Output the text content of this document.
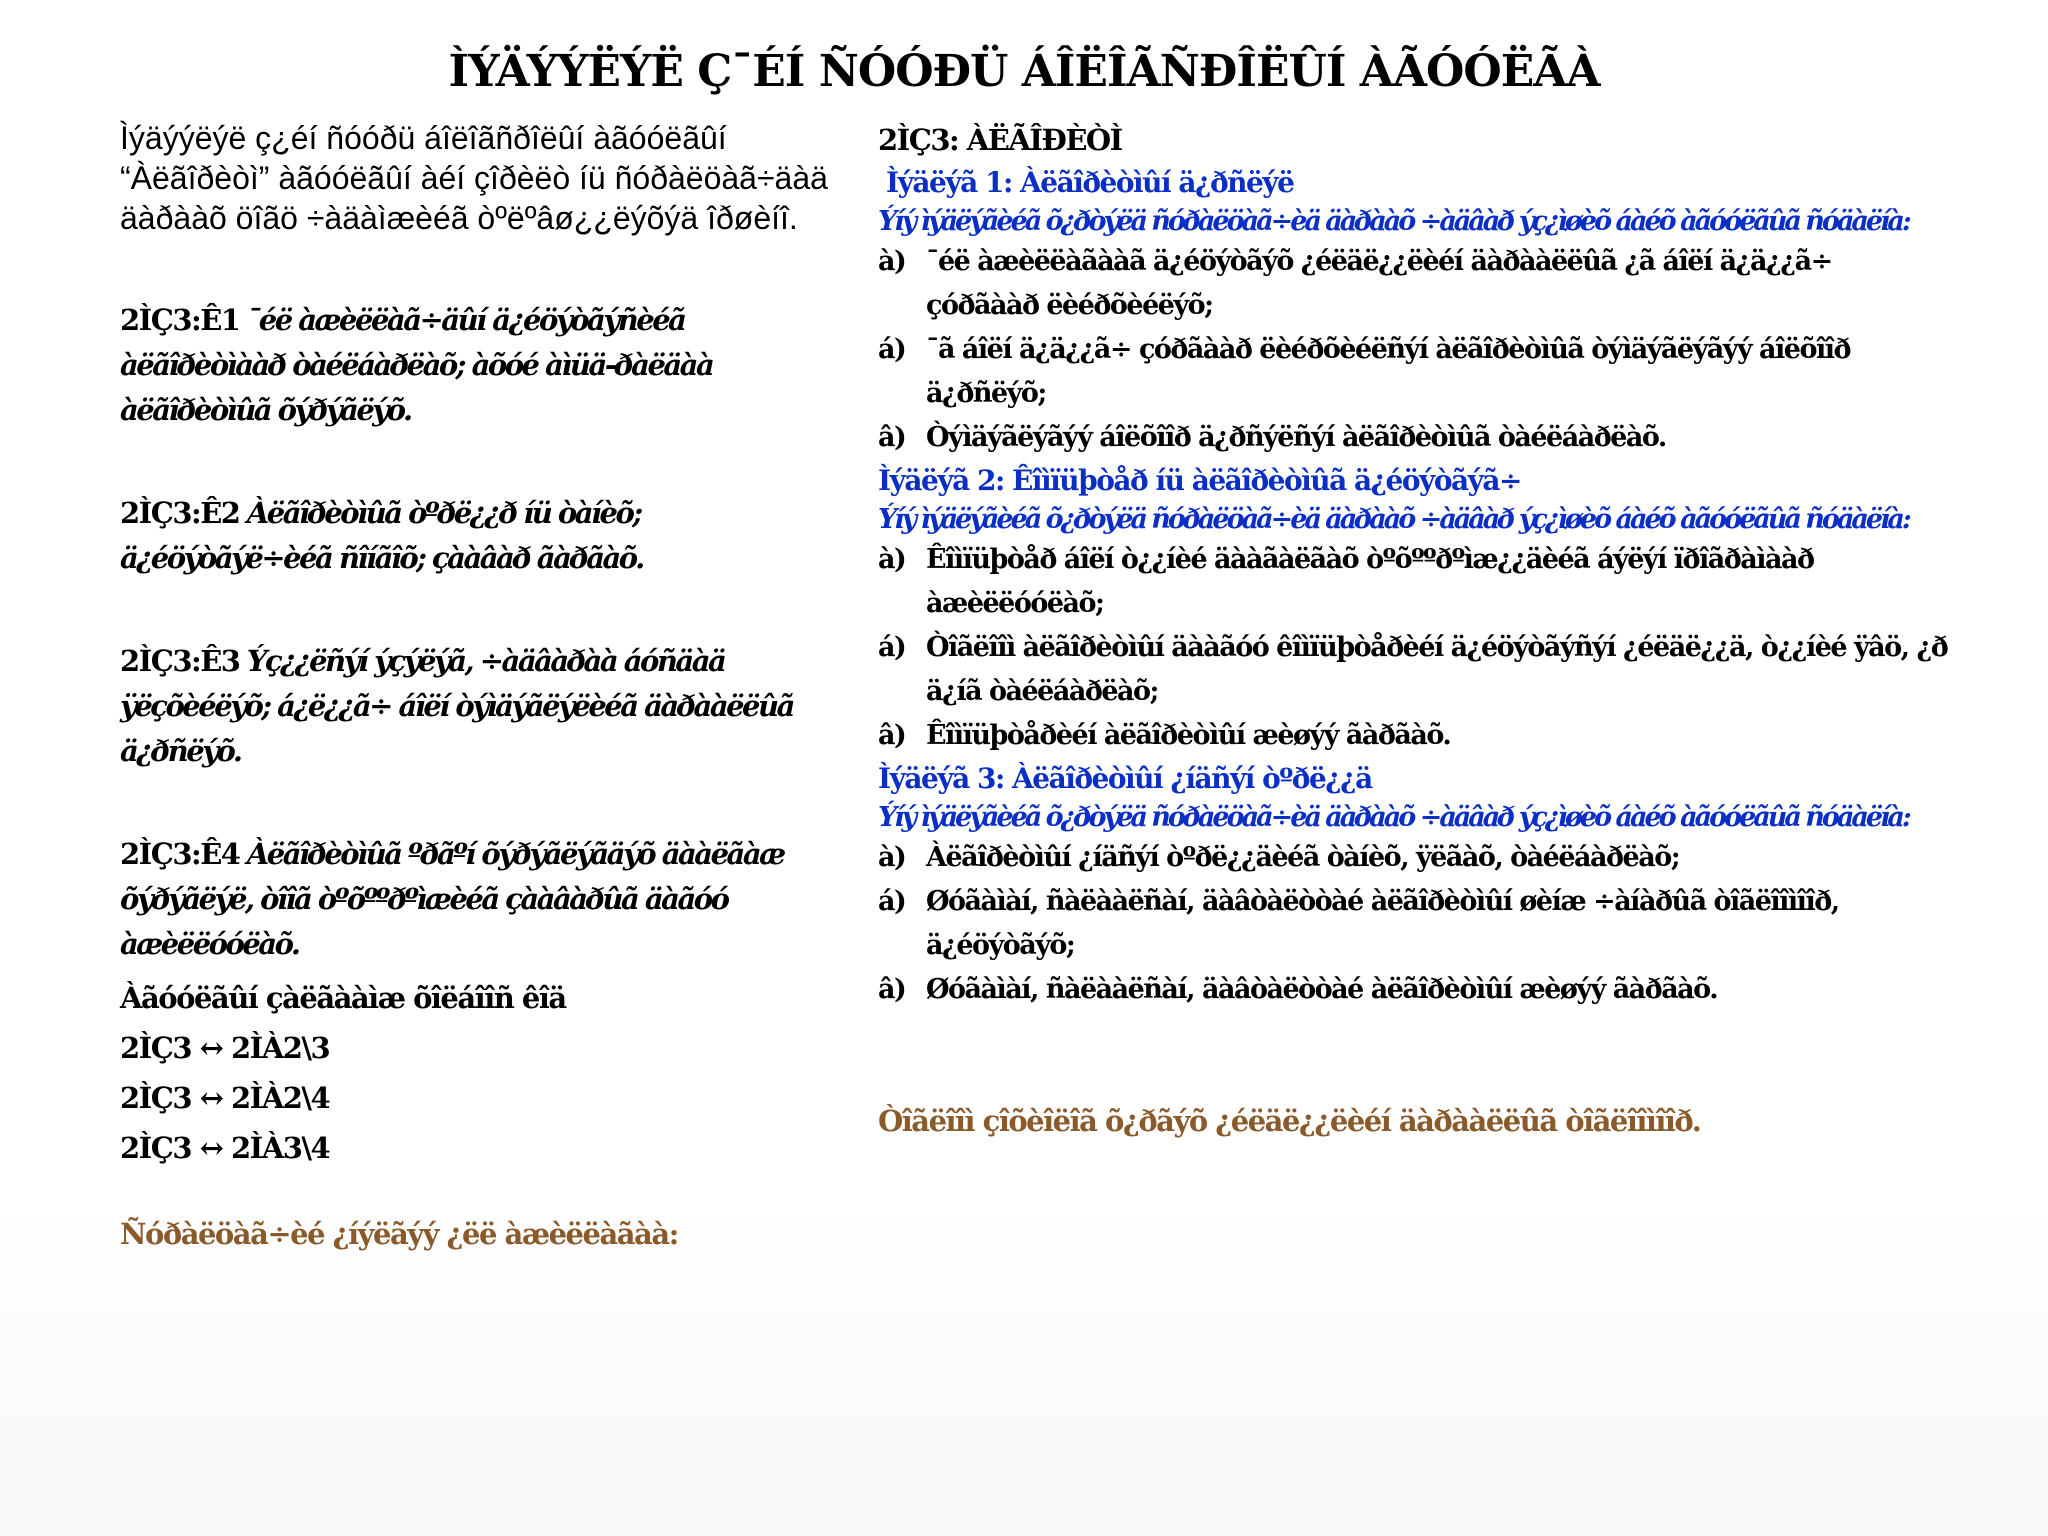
ÌÝÄÝÝËÝË Ç¯ÉÍ ÑÓÓÐÜ ÁÎËÎÃÑÐÎËÛÍ ÀÃÓÓËÃÀ
Ìýäýýëýë ç¿éí ñóóðü áîëîãñðîëûí àãóóëãûí “Àëãîðèòì” àãóóëãûí àéí çîðèëò íü ñóðàëöàã÷äàä äàðààõ öîãö ÷àäàìæèéã òºëºâø¿¿ëýõýä îðøèíî.
2ÌÇ3:Ê1 ¯éë àæèëëàã÷äûí ä¿éöýòãýñèéã àëãîðèòìààð òàéëáàðëàõ; àõóé àìüä-ðàëäàà àëãîðèòìûã õýðýãëýõ.
2ÌÇ3:Ê2 Àëãîðèòìûã òºðë¿¿ð íü òàíèõ; ä¿éöýòãýë÷èéã ñîíãîõ; çààâàð ãàðãàõ.
2ÌÇ3:Ê3 Ýç¿¿ëñýí ýçýëýã, ÷àäâàðàà áóñäàä ÿëçõèéëýõ; á¿ë¿¿ã÷ áîëí òýìäýãëýëèéã äàðààëëûã ä¿ðñëýõ.
2ÌÇ3:Ê4 Àëãîðèòìûã ºðãºí õýðýãëýãäýõ äààëãàæ õýðýãëýë, òîîã òºõººðºìæèéã çààâàðûã äàãóó àæèëëóóëàõ.
Àãóóëãûí çàëãààìæ õîëáîîñ êîä
2ÌÇ3 ↔ 2ÌÀ2\3
2ÌÇ3 ↔ 2ÌÀ2\4
2ÌÇ3 ↔ 2ÌÀ3\4
Ñóðàëöàã÷èé ¿íýëãýý ¿ëë àæèëëàãàà:
2ÌÇ3: ÀËÃÎÐÈÒÌ
Ìýäëýã 1: Àëãîðèòìûí ä¿ðñëýë
Ýíý ìýäëýãèéã õ¿ðòýëä ñóðàëöàã÷èä äàðààõ ÷àäâàð ýç¿ìøèõ áàéõ àãóóëãûã ñóäàëíà:
à) ¯éë àæèëëàãààã ä¿éöýòãýõ ¿éëäë¿¿ëèéí äàðààëëûã ¿ã áîëí ä¿ä¿¿ã÷ çóðãààð ëèéðõèéëýõ;
á) ¯ã áîëí ä¿ä¿¿ã÷ çóðãààð ëèéðõèéëñýí àëãîðèòìûã òýìäýãëýãýý áîëõîîð ä¿ðñëýõ;
â) Òýìäýãëýãýý áîëõîîð ä¿ðñýëñýí àëãîðèòìûã òàéëáàðëàõ.
Ìýäëýã 2: Êîìïüþòåð íü àëãîðèòìûã ä¿éöýòãýã÷
Ýíý ìýäëýãèéã õ¿ðòýëä ñóðàëöàã÷èä äàðààõ ÷àäâàð ýç¿ìøèõ áàéõ àãóóëãûã ñóäàëíà:
à) Êîìïüþòåð áîëí ò¿¿íèé äààãàëãàõ òºõººðºìæ¿¿äèéã áýëýí ïðîãðàìààð àæèëëóóëàõ;
á) Òîãëîîì àëãîðèòìûí äààãóó êîìïüþòåðèéí ä¿éöýòãýñýí ¿éëäë¿¿ä, ò¿¿íèé ÿâö, ¿ð ä¿íã òàéëáàðëàõ;
â) Êîìïüþòåðèéí àëãîðèòìûí æèøýý ãàðãàõ.
Ìýäëýã 3: Àëãîðèòìûí ¿íäñýí òºðë¿¿ä
Ýíý ìýäëýãèéã õ¿ðòýëä ñóðàëöàã÷èä äàðààõ ÷àäâàð ýç¿ìøèõ áàéõ àãóóëãûã ñóäàëíà:
à) Àëãîðèòìûí ¿íäñýí òºðë¿¿äèéã òàíèõ, ÿëãàõ, òàéëáàðëàõ;
á) Øóãàìàí, ñàëààëñàí, äàâòàëòòàé àëãîðèòìûí øèíæ ÷àíàðûã òîãëîîìîîð, ä¿éöýòãýõ;
â) Øóãàìàí, ñàëààëñàí, äàâòàëòòàé àëãîðèòìûí æèøýý ãàðãàõ.
Òîãëîîì çîõèîëîã õ¿ðãýõ ¿éëäë¿¿ëèéí äàðààëëûã òîãëîîìîîð.
